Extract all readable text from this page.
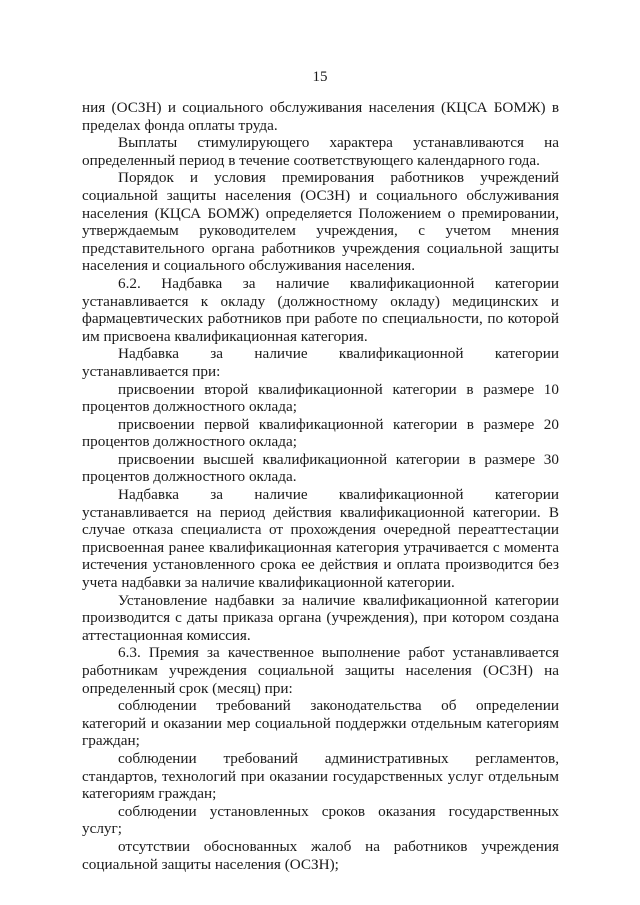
15

ния (ОСЗН) и социального обслуживания населения (КЦСА БОМЖ) в пределах фонда оплаты труда.

Выплаты стимулирующего характера устанавливаются на определенный период в течение соответствующего календарного года.

Порядок и условия премирования работников учреждений социальной защиты населения (ОСЗН) и социального обслуживания населения (КЦСА БОМЖ) определяется Положением о премировании, утверждаемым руководителем учреждения, с учетом мнения представительного органа работников учреждения социальной защиты населения и социального обслуживания населения.

6.2. Надбавка за наличие квалификационной категории устанавливается к окладу (должностному окладу) медицинских и фармацевтических работников при работе по специальности, по которой им присвоена квалификационная категория.

Надбавка за наличие квалификационной категории устанавливается при:

присвоении второй квалификационной категории в размере 10 процентов должностного оклада;

присвоении первой квалификационной категории в размере 20 процентов должностного оклада;

присвоении высшей квалификационной категории в размере 30 процентов должностного оклада.

Надбавка за наличие квалификационной категории устанавливается на период действия квалификационной категории. В случае отказа специалиста от прохождения очередной переаттестации присвоенная ранее квалификационная категория утрачивается с момента истечения установленного срока ее действия и оплата производится без учета надбавки за наличие квалификационной категории.

Установление надбавки за наличие квалификационной категории производится с даты приказа органа (учреждения), при котором создана аттестационная комиссия.

6.3. Премия за качественное выполнение работ устанавливается работникам учреждения социальной защиты населения (ОСЗН) на определенный срок (месяц) при:

соблюдении требований законодательства об определении категорий и оказании мер социальной поддержки отдельным категориям граждан;

соблюдении требований административных регламентов, стандартов, технологий при оказании государственных услуг отдельным категориям граждан;

соблюдении установленных сроков оказания государственных услуг;

отсутствии обоснованных жалоб на работников учреждения социальной защиты населения (ОСЗН);
